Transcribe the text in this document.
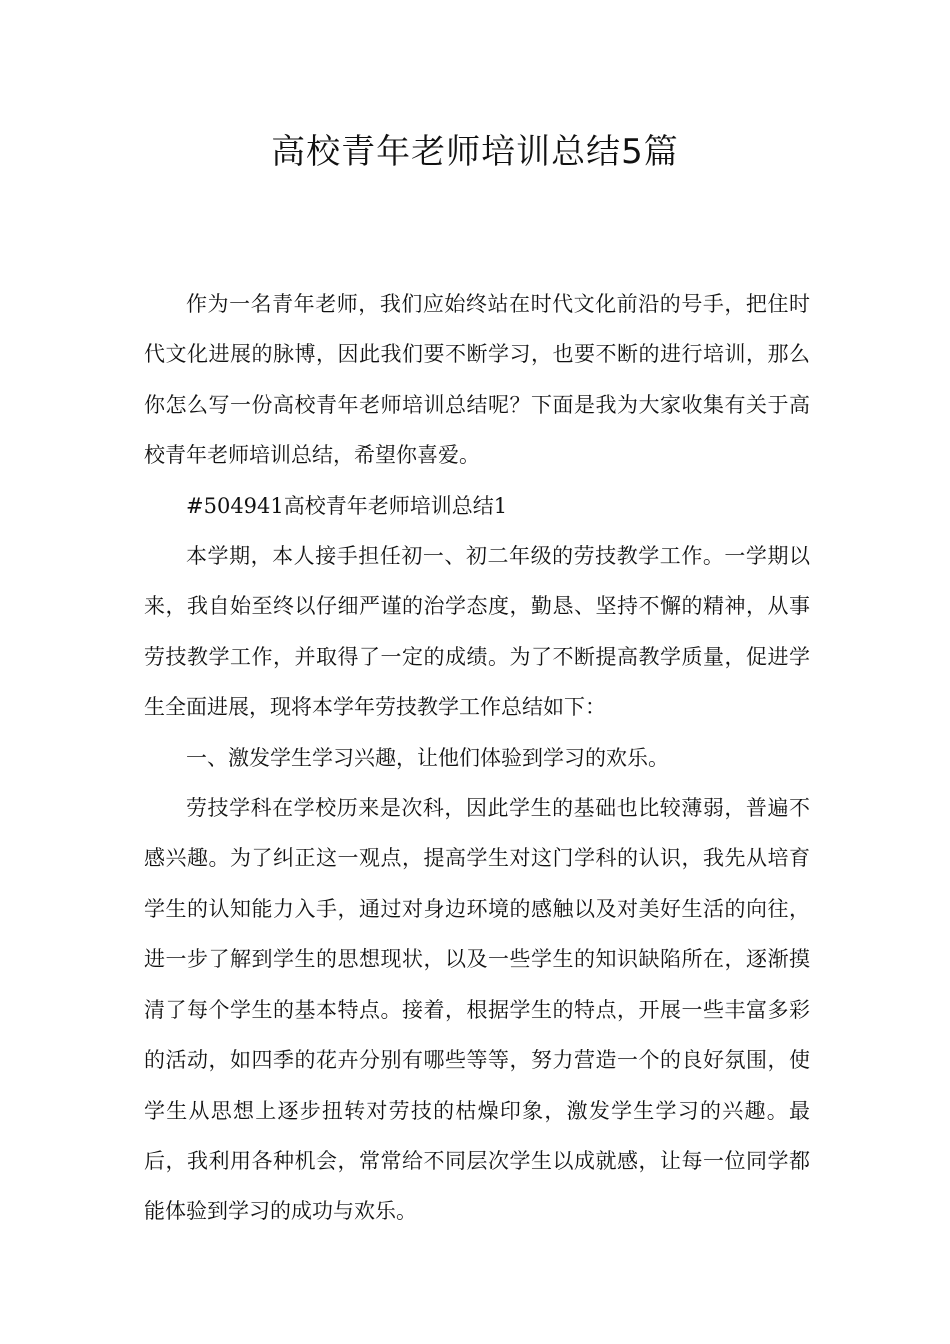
高校青年老师培训总结5篇

作为一名青年老师，我们应始终站在时代文化前沿的号手，把住时代文化进展的脉博，因此我们要不断学习，也要不断的进行培训，那么你怎么写一份高校青年老师培训总结呢？下面是我为大家收集有关于高校青年老师培训总结，希望你喜爱。

#504941高校青年老师培训总结1

本学期，本人接手担任初一、初二年级的劳技教学工作。一学期以来，我自始至终以仔细严谨的治学态度，勤恳、坚持不懈的精神，从事劳技教学工作，并取得了一定的成绩。为了不断提高教学质量，促进学生全面进展，现将本学年劳技教学工作总结如下：

一、激发学生学习兴趣，让他们体验到学习的欢乐。

劳技学科在学校历来是次科，因此学生的基础也比较薄弱，普遍不感兴趣。为了纠正这一观点，提高学生对这门学科的认识，我先从培育学生的认知能力入手，通过对身边环境的感触以及对美好生活的向往，进一步了解到学生的思想现状，以及一些学生的知识缺陷所在，逐渐摸清了每个学生的基本特点。接着，根据学生的特点，开展一些丰富多彩的活动，如四季的花卉分别有哪些等等，努力营造一个的良好氛围，使学生从思想上逐步扭转对劳技的枯燥印象，激发学生学习的兴趣。最后，我利用各种机会，常常给不同层次学生以成就感，让每一位同学都能体验到学习的成功与欢乐。
